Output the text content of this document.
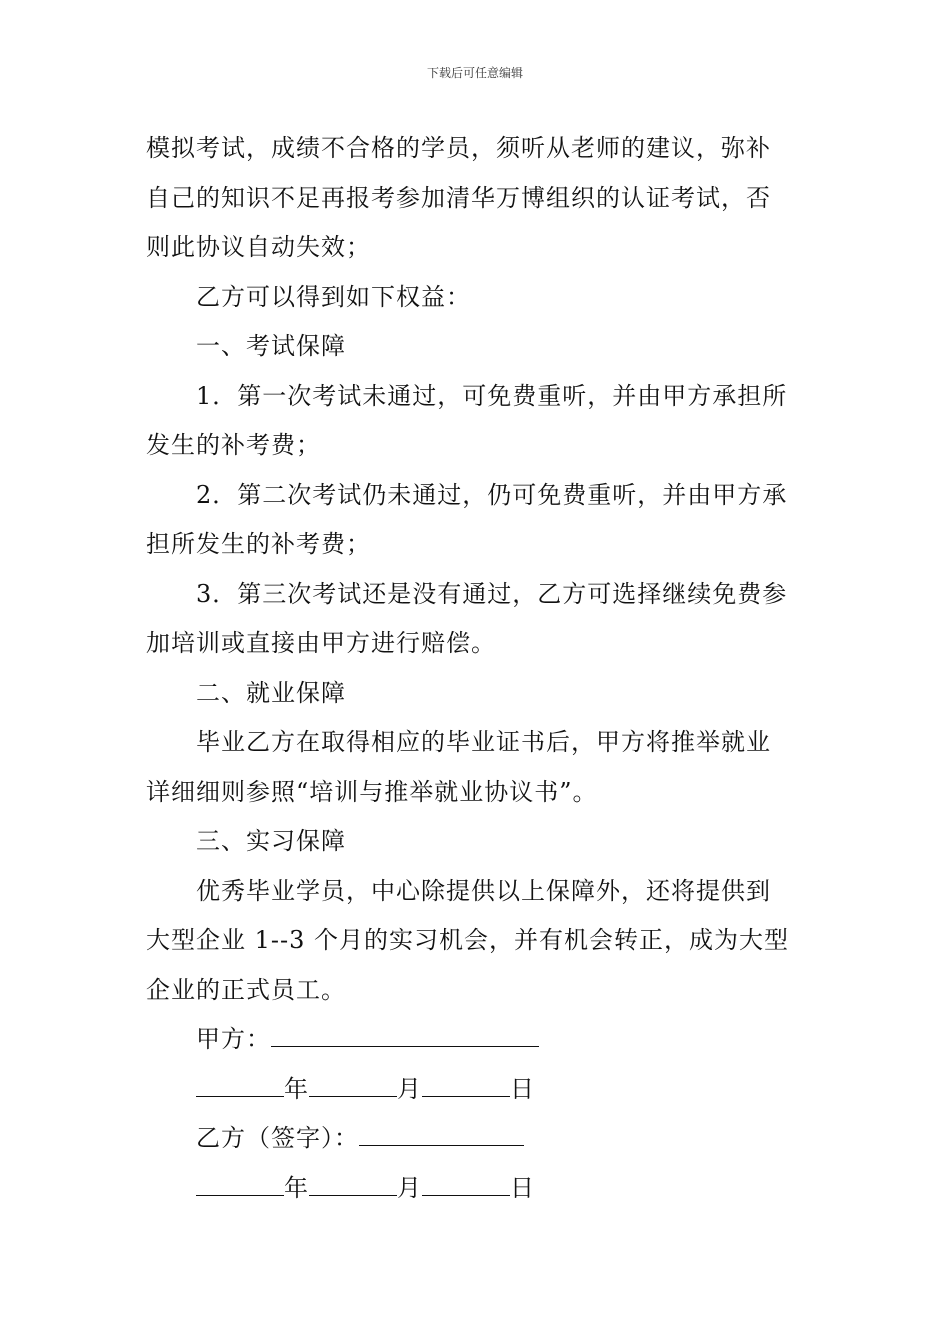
下载后可任意编辑

模拟考试，成绩不合格的学员，须听从老师的建议，弥补

自己的知识不足再报考参加清华万博组织的认证考试，否

则此协议自动失效；

乙方可以得到如下权益：

一、考试保障

1．第一次考试未通过，可免费重听，并由甲方承担所

发生的补考费；

2．第二次考试仍未通过，仍可免费重听，并由甲方承

担所发生的补考费；

3．第三次考试还是没有通过，乙方可选择继续免费参

加培训或直接由甲方进行赔偿。

二、就业保障

毕业乙方在取得相应的毕业证书后，甲方将推举就业

详细细则参照“培训与推举就业协议书”。

三、实习保障

优秀毕业学员，中心除提供以上保障外，还将提供到

大型企业 1--3 个月的实习机会，并有机会转正，成为大型

企业的正式员工。

甲方：

年	月	日

乙方（签字）：

年	月	日
